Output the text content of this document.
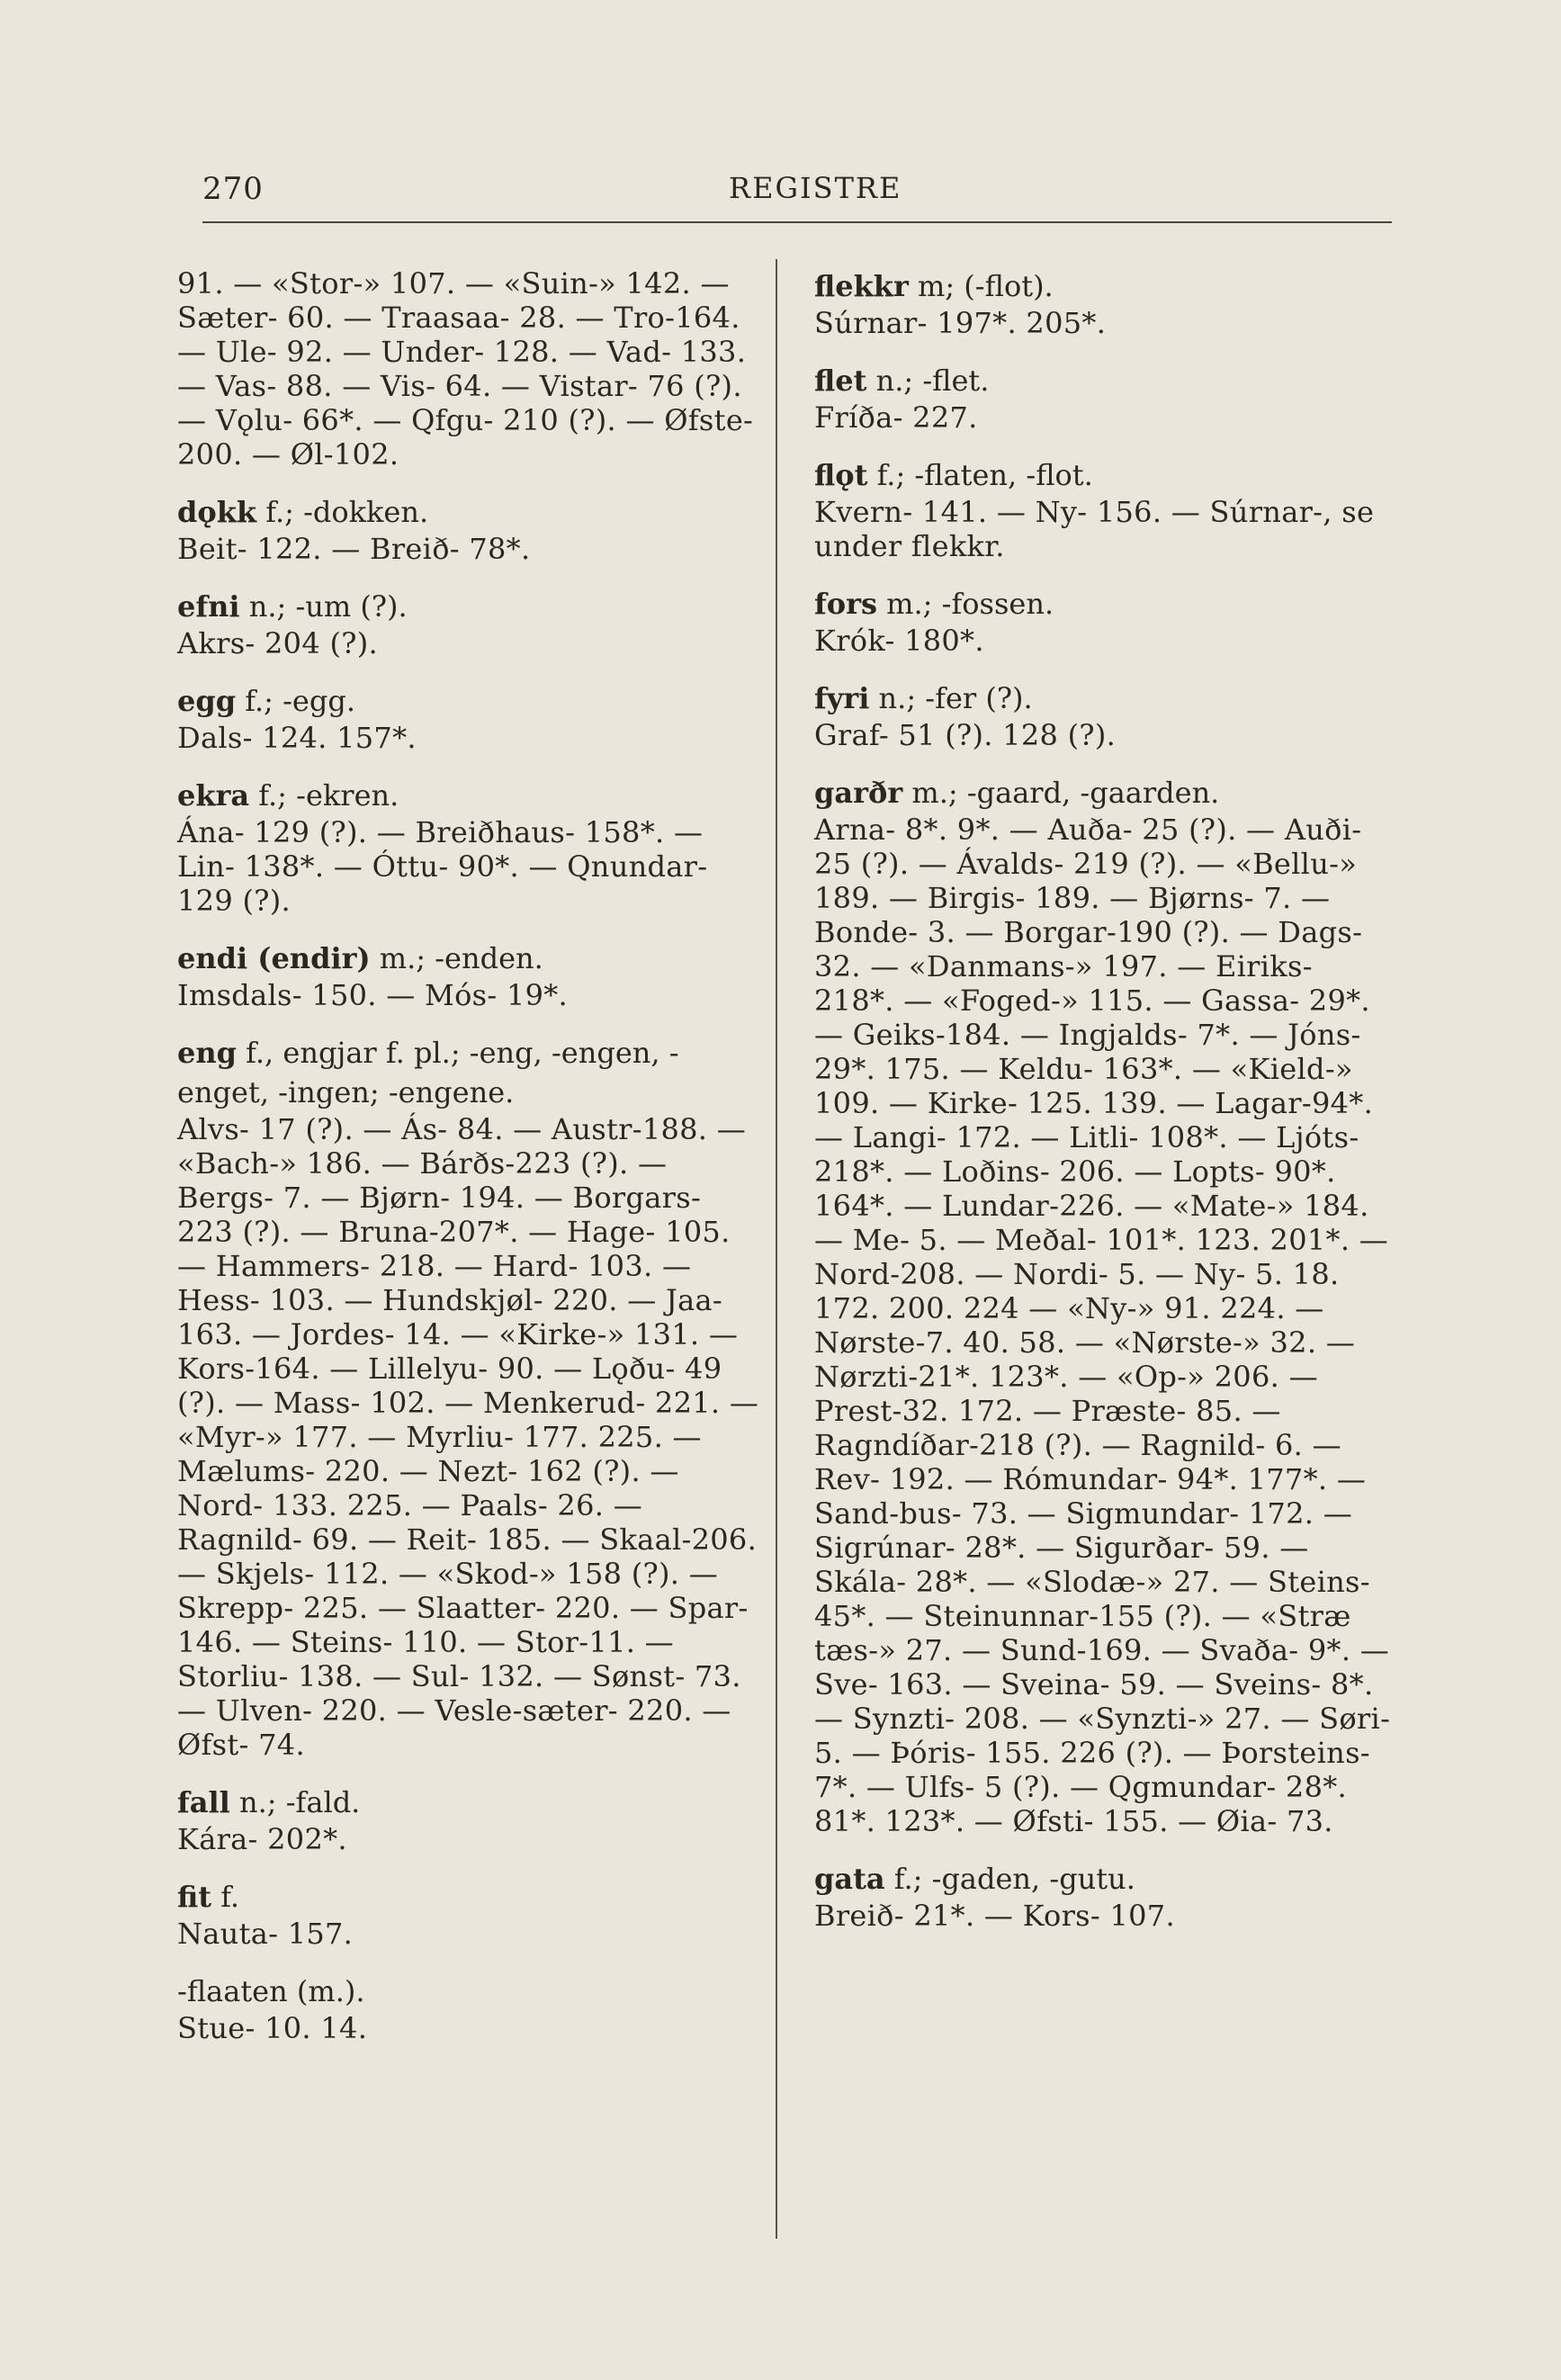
270	REGISTRE

91. — «Stor-» 107. — «Suin-» 142. — Sæter- 60. — Traasaa- 28. — Tro-164. — Ule- 92. — Under- 128. — Vad- 133. — Vas- 88. — Vis- 64. — Vistar- 76 (?). — Vǫlu- 66*. — Qfgu- 210 (?). — Øfste- 200. — Øl-102.

dǫkk f.; -dokken.

Beit- 122. — Breið- 78*.

efni n.; -um (?).

Akrs- 204 (?).

egg f.; -egg.

Dals- 124. 157*.

ekra f.; -ekren.

Ána- 129 (?). — Breiðhaus- 158*. — Lin- 138*. — Óttu- 90*. — Qnundar- 129 (?).

endi (endir) m.; -enden.

Imsdals- 150. — Mós- 19*.

eng f., engjar f. pl.; -eng, -engen, -enget, -ingen; -engene.

Alvs- 17 (?). — Ás- 84. — Austr-188. — «Bach-» 186. — Bárðs-223 (?). — Bergs- 7. — Bjørn- 194. — Borgars- 223 (?). — Bruna-207*. — Hage- 105. — Hammers- 218. — Hard- 103. — Hess- 103. — Hundskjøl- 220. — Jaa- 163. — Jordes- 14. — «Kirke-» 131. — Kors-164. — Lillelyu- 90. — Lǫðu- 49 (?). — Mass- 102. — Menkerud- 221. — «Myr-» 177. — Myrliu- 177. 225. — Mælums- 220. — Nezt- 162 (?). — Nord- 133. 225. — Paals- 26. — Ragnild- 69. — Reit- 185. — Skaal-206. — Skjels- 112. — «Skod-» 158 (?). — Skrepp- 225. — Slaatter- 220. — Spar- 146. — Steins- 110. — Stor-11. — Storliu- 138. — Sul- 132. — Sønst- 73. — Ulven- 220. — Vesle-sæter- 220. — Øfst- 74.

fall n.; -fald.

Kára- 202*.

fit f.

Nauta- 157.

-flaaten (m.).

Stue- 10. 14.

flekkr m; (-flot).

Súrnar- 197*. 205*.

flet n.; -flet.

Fríða- 227.

flǫt f.; -flaten, -flot.

Kvern- 141. — Ny- 156. — Súrnar-, se under flekkr.

fors m.; -fossen.

Krók- 180*.

fyri n.; -fer (?).

Graf- 51 (?). 128 (?).

garðr m.; -gaard, -gaarden.

Arna- 8*. 9*. — Auða- 25 (?). — Auði- 25 (?). — Ávalds- 219 (?). — «Bellu-» 189. — Birgis- 189. — Bjørns- 7. — Bonde- 3. — Borgar-190 (?). — Dags- 32. — «Danmans-» 197. — Eiriks- 218*. — «Foged-» 115. — Gassa- 29*. — Geiks-184. — Ingjalds- 7*. — Jóns-29*. 175. — Keldu- 163*. — «Kield-» 109. — Kirke- 125. 139. — Lagar-94*. — Langi- 172. — Litli- 108*. — Ljóts- 218*. — Loðins- 206. — Lopts- 90*. 164*. — Lundar-226. — «Mate-» 184. — Me- 5. — Meðal- 101*. 123. 201*. — Nord-208. — Nordi- 5. — Ny- 5. 18. 172. 200. 224 — «Ny-» 91. 224. — Nørste-7. 40. 58. — «Nørste-» 32. — Nørzti-21*. 123*. — «Op-» 206. — Prest-32. 172. — Præste- 85. — Ragndíðar-218 (?). — Ragnild- 6. — Rev- 192. — Rómundar- 94*. 177*. — Sand-bus- 73. — Sigmundar- 172. — Sigrúnar- 28*. — Sigurðar- 59. — Skála- 28*. — «Slodæ-» 27. — Steins- 45*. — Steinunnar-155 (?). — «Stræ tæs-» 27. — Sund-169. — Svaða- 9*. — Sve- 163. — Sveina- 59. — Sveins- 8*. — Synzti- 208. — «Synzti-» 27. — Søri- 5. — Þóris- 155. 226 (?). — Þorsteins- 7*. — Ulfs- 5 (?). — Qgmundar- 28*. 81*. 123*. — Øfsti- 155. — Øia- 73.

gata f.; -gaden, -gutu.

Breið- 21*. — Kors- 107.
